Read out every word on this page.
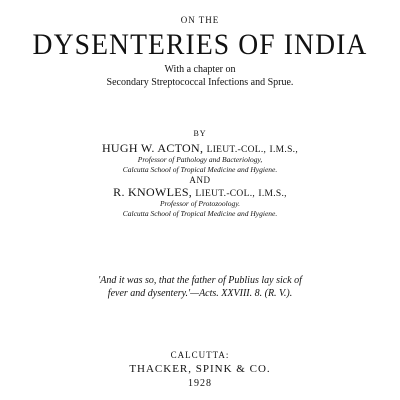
ON THE
DYSENTERIES OF INDIA
With a chapter on
Secondary Streptococcal Infections and Sprue.
BY
HUGH W. ACTON, LIEUT.-COL., I.M.S.,
Professor of Pathology and Bacteriology,
Calcutta School of Tropical Medicine and Hygiene.
AND
R. KNOWLES, LIEUT.-COL., I.M.S.,
Professor of Protozoology.
Calcutta School of Tropical Medicine and Hygiene.
'And it was so, that the father of Publius lay sick of
fever and dysentery.'—Acts. XXVIII. 8. (R. V.).
CALCUTTA:
THACKER, SPINK & CO.
1928
